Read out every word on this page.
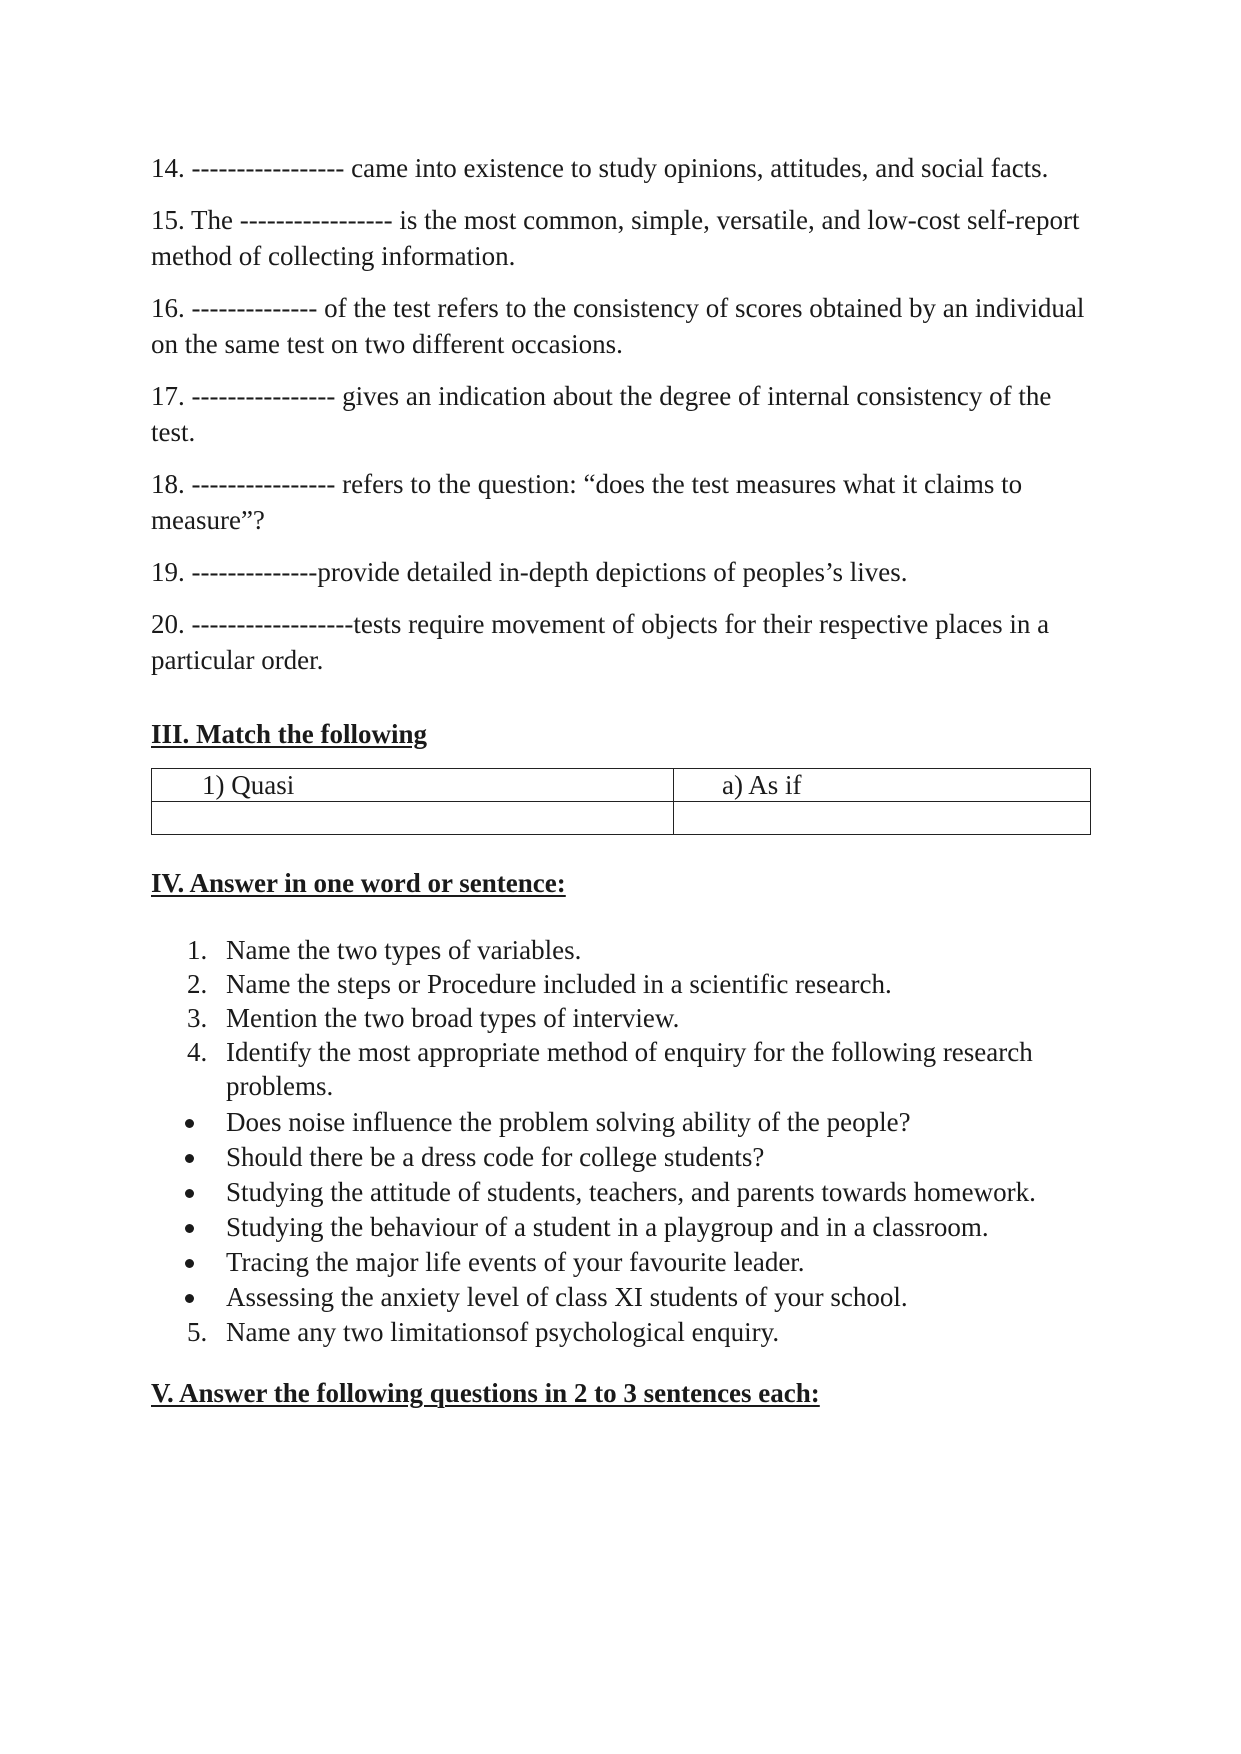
14. ----------------- came into existence to study opinions, attitudes, and social facts.

15. The ----------------- is the most common, simple, versatile, and low-cost self-report method of collecting information.

16. -------------- of the test refers to the consistency of scores obtained by an individual on the same test on two different occasions.

17. ---------------- gives an indication about the degree of internal consistency of the test.

18. ---------------- refers to the question: “does the test measures what it claims to measure”?

19. --------------provide detailed in-depth depictions of peoples’s lives.

20. ------------------tests require movement of objects for their respective places in a particular order.

III. Match the following
1) Quasi	a) As if

IV. Answer in one word or sentence:
1. Name the two types of variables.
2. Name the steps or Procedure included in a scientific research.
3. Mention the two broad types of interview.
4. Identify the most appropriate method of enquiry for the following research problems.
Does noise influence the problem solving ability of the people?
Should there be a dress code for college students?
Studying the attitude of students, teachers, and parents towards homework.
Studying the behaviour of a student in a playgroup and in a classroom.
Tracing the major life events of your favourite leader.
Assessing the anxiety level of class XI students of your school.
5. Name any two limitationsof psychological enquiry.
V. Answer the following questions in 2 to 3 sentences each:
